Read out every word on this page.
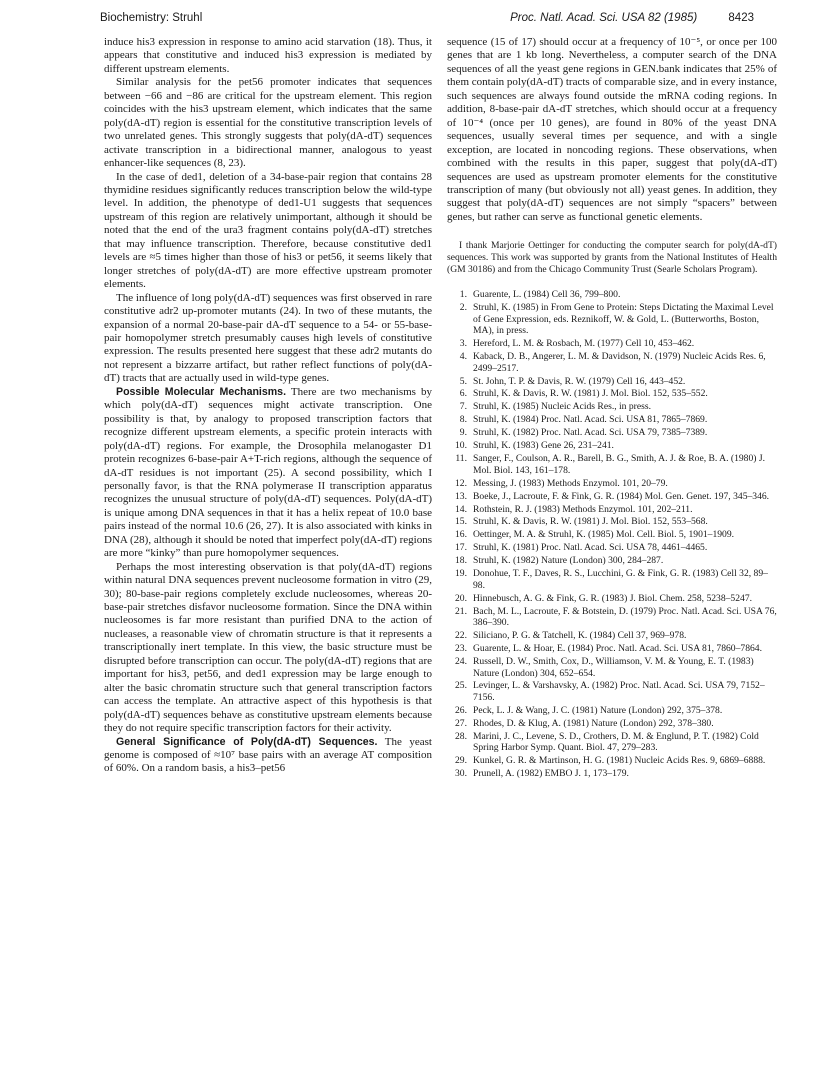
Biochemistry: Struhl	Proc. Natl. Acad. Sci. USA 82 (1985)	8423

induce his3 expression in response to amino acid starvation (18). Thus, it appears that constitutive and induced his3 expression is mediated by different upstream elements.

Similar analysis for the pet56 promoter indicates that sequences between −66 and −86 are critical for the upstream element. This region coincides with the his3 upstream element, which indicates that the same poly(dA-dT) region is essential for the constitutive transcription levels of two unrelated genes. This strongly suggests that poly(dA-dT) sequences activate transcription in a bidirectional manner, analogous to yeast enhancer-like sequences (8, 23).

In the case of ded1, deletion of a 34-base-pair region that contains 28 thymidine residues significantly reduces transcription below the wild-type level. In addition, the phenotype of ded1-U1 suggests that sequences upstream of this region are relatively unimportant, although it should be noted that the end of the ura3 fragment contains poly(dA-dT) stretches that may influence transcription. Therefore, because constitutive ded1 levels are ≈5 times higher than those of his3 or pet56, it seems likely that longer stretches of poly(dA-dT) are more effective upstream promoter elements.

The influence of long poly(dA-dT) sequences was first observed in rare constitutive adr2 up-promoter mutants (24). In two of these mutants, the expansion of a normal 20-base-pair dA-dT sequence to a 54- or 55-base-pair homopolymer stretch presumably causes high levels of constitutive expression. The results presented here suggest that these adr2 mutants do not represent a bizzarre artifact, but rather reflect functions of poly(dA-dT) tracts that are actually used in wild-type genes.

Possible Molecular Mechanisms. There are two mechanisms by which poly(dA-dT) sequences might activate transcription. One possibility is that, by analogy to proposed transcription factors that recognize different upstream elements, a specific protein interacts with poly(dA-dT) regions. For example, the Drosophila melanogaster D1 protein recognizes 6-base-pair A+T-rich regions, although the sequence of dA-dT residues is not important (25). A second possibility, which I personally favor, is that the RNA polymerase II transcription apparatus recognizes the unusual structure of poly(dA-dT) sequences. Poly(dA-dT) is unique among DNA sequences in that it has a helix repeat of 10.0 base pairs instead of the normal 10.6 (26, 27). It is also associated with kinks in DNA (28), although it should be noted that imperfect poly(dA-dT) regions are more “kinky” than pure homopolymer sequences.

Perhaps the most interesting observation is that poly(dA-dT) regions within natural DNA sequences prevent nucleosome formation in vitro (29, 30); 80-base-pair regions completely exclude nucleosomes, whereas 20-base-pair stretches disfavor nucleosome formation. Since the DNA within nucleosomes is far more resistant than purified DNA to the action of nucleases, a reasonable view of chromatin structure is that it represents a transcriptionally inert template. In this view, the basic structure must be disrupted before transcription can occur. The poly(dA-dT) regions that are important for his3, pet56, and ded1 expression may be large enough to alter the basic chromatin structure such that general transcription factors can access the template. An attractive aspect of this hypothesis is that poly(dA-dT) sequences behave as constitutive upstream elements because they do not require specific transcription factors for their activity.

General Significance of Poly(dA-dT) Sequences. The yeast genome is composed of ≈10⁷ base pairs with an average AT composition of 60%. On a random basis, a his3–pet56

sequence (15 of 17) should occur at a frequency of 10⁻⁵, or once per 100 genes that are 1 kb long. Nevertheless, a computer search of the DNA sequences of all the yeast gene regions in GEN.bank indicates that 25% of them contain poly(dA-dT) tracts of comparable size, and in every instance, such sequences are always found outside the mRNA coding regions. In addition, 8-base-pair dA-dT stretches, which should occur at a frequency of 10⁻⁴ (once per 10 genes), are found in 80% of the yeast DNA sequences, usually several times per sequence, and with a single exception, are located in noncoding regions. These observations, when combined with the results in this paper, suggest that poly(dA-dT) sequences are used as upstream promoter elements for the constitutive transcription of many (but obviously not all) yeast genes. In addition, they suggest that poly(dA-dT) sequences are not simply “spacers” between genes, but rather can serve as functional genetic elements.

I thank Marjorie Oettinger for conducting the computer search for poly(dA-dT) sequences. This work was supported by grants from the National Institutes of Health (GM 30186) and from the Chicago Community Trust (Searle Scholars Program).

1. Guarente, L. (1984) Cell 36, 799–800.
2. Struhl, K. (1985) in From Gene to Protein: Steps Dictating the Maximal Level of Gene Expression, eds. Reznikoff, W. & Gold, L. (Butterworths, Boston, MA), in press.
3. Hereford, L. M. & Rosbach, M. (1977) Cell 10, 453–462.
4. Kaback, D. B., Angerer, L. M. & Davidson, N. (1979) Nucleic Acids Res. 6, 2499–2517.
5. St. John, T. P. & Davis, R. W. (1979) Cell 16, 443–452.
6. Struhl, K. & Davis, R. W. (1981) J. Mol. Biol. 152, 535–552.
7. Struhl, K. (1985) Nucleic Acids Res., in press.
8. Struhl, K. (1984) Proc. Natl. Acad. Sci. USA 81, 7865–7869.
9. Struhl, K. (1982) Proc. Natl. Acad. Sci. USA 79, 7385–7389.
10. Struhl, K. (1983) Gene 26, 231–241.
11. Sanger, F., Coulson, A. R., Barell, B. G., Smith, A. J. & Roe, B. A. (1980) J. Mol. Biol. 143, 161–178.
12. Messing, J. (1983) Methods Enzymol. 101, 20–79.
13. Boeke, J., Lacroute, F. & Fink, G. R. (1984) Mol. Gen. Genet. 197, 345–346.
14. Rothstein, R. J. (1983) Methods Enzymol. 101, 202–211.
15. Struhl, K. & Davis, R. W. (1981) J. Mol. Biol. 152, 553–568.
16. Oettinger, M. A. & Struhl, K. (1985) Mol. Cell. Biol. 5, 1901–1909.
17. Struhl, K. (1981) Proc. Natl. Acad. Sci. USA 78, 4461–4465.
18. Struhl, K. (1982) Nature (London) 300, 284–287.
19. Donohue, T. F., Daves, R. S., Lucchini, G. & Fink, G. R. (1983) Cell 32, 89–98.
20. Hinnebusch, A. G. & Fink, G. R. (1983) J. Biol. Chem. 258, 5238–5247.
21. Bach, M. L., Lacroute, F. & Botstein, D. (1979) Proc. Natl. Acad. Sci. USA 76, 386–390.
22. Siliciano, P. G. & Tatchell, K. (1984) Cell 37, 969–978.
23. Guarente, L. & Hoar, E. (1984) Proc. Natl. Acad. Sci. USA 81, 7860–7864.
24. Russell, D. W., Smith, Cox, D., Williamson, V. M. & Young, E. T. (1983) Nature (London) 304, 652–654.
25. Levinger, L. & Varshavsky, A. (1982) Proc. Natl. Acad. Sci. USA 79, 7152–7156.
26. Peck, L. J. & Wang, J. C. (1981) Nature (London) 292, 375–378.
27. Rhodes, D. & Klug, A. (1981) Nature (London) 292, 378–380.
28. Marini, J. C., Levene, S. D., Crothers, D. M. & Englund, P. T. (1982) Cold Spring Harbor Symp. Quant. Biol. 47, 279–283.
29. Kunkel, G. R. & Martinson, H. G. (1981) Nucleic Acids Res. 9, 6869–6888.
30. Prunell, A. (1982) EMBO J. 1, 173–179.
